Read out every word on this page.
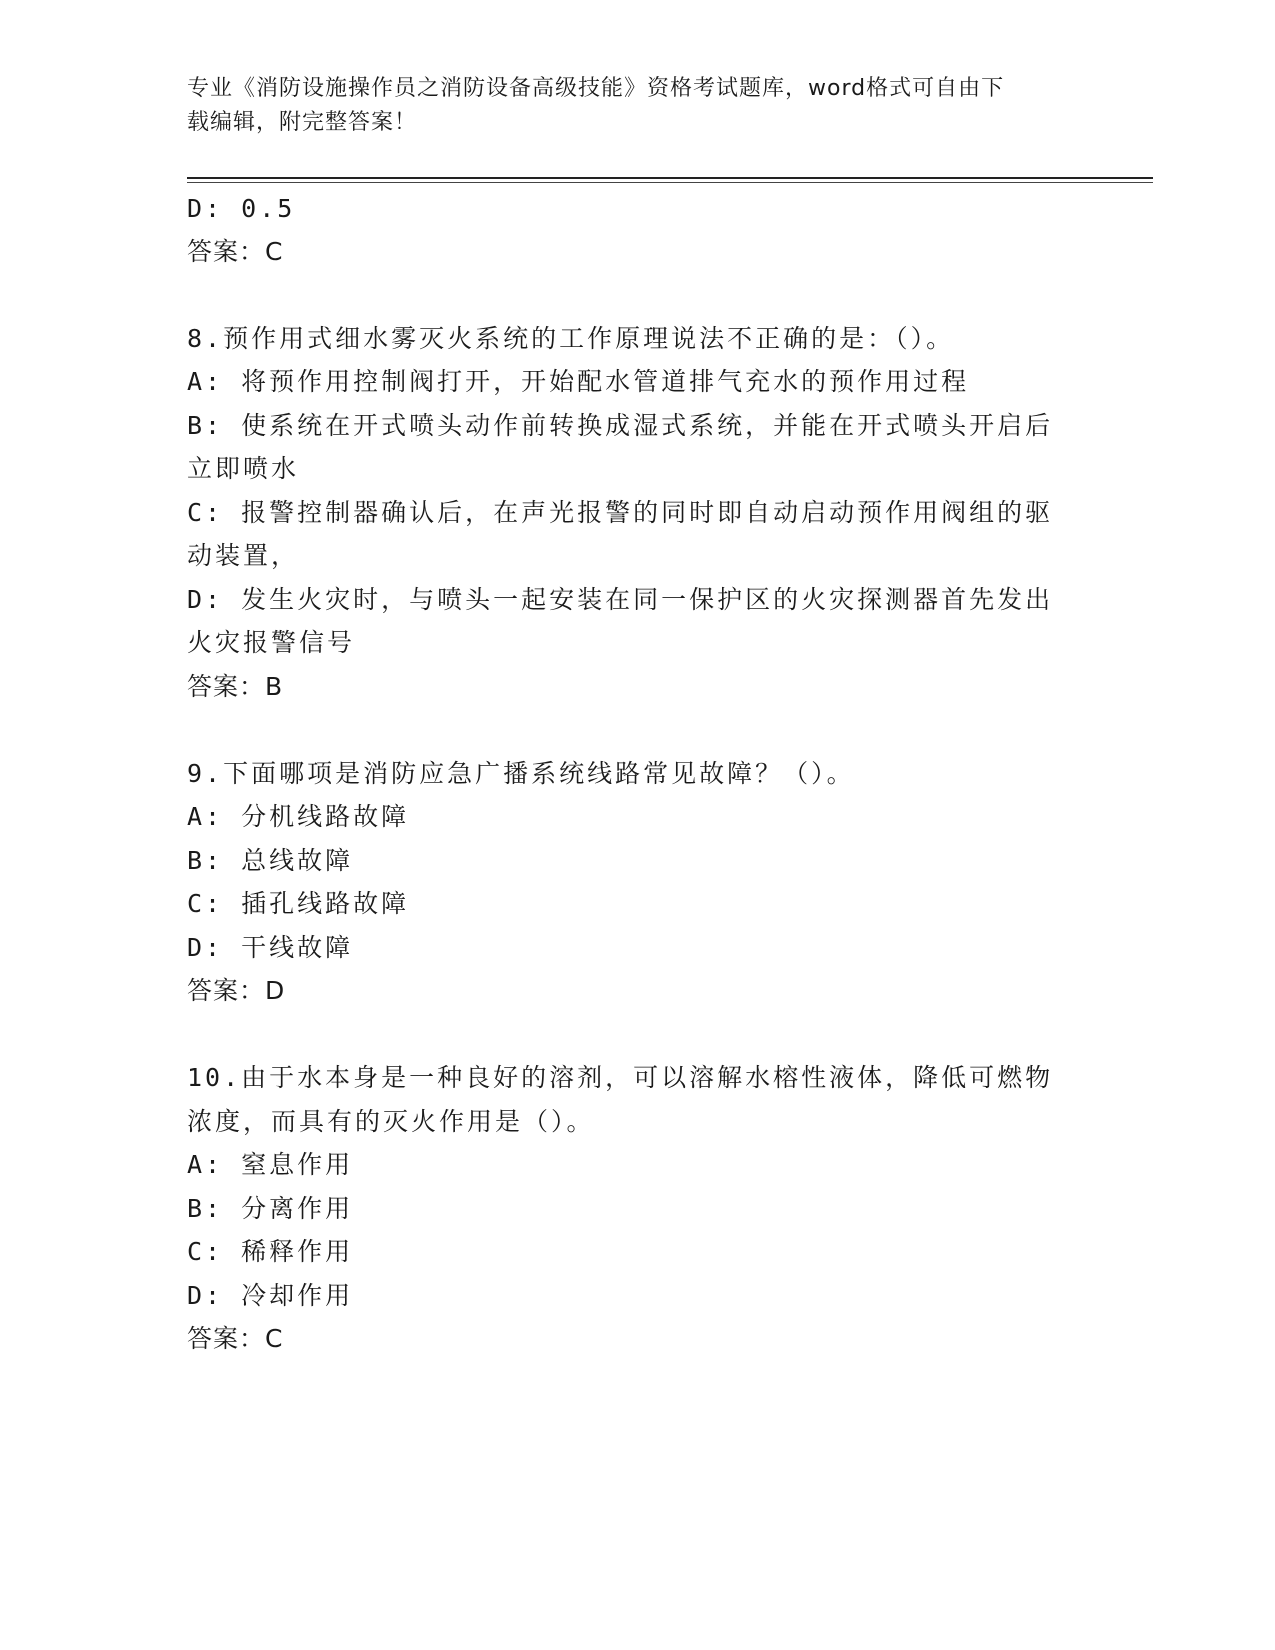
专业《消防设施操作员之消防设备高级技能》资格考试题库，word格式可自由下
载编辑，附完整答案！
D: 0.5
答案：C
8.预作用式细水雾灭火系统的工作原理说法不正确的是：（）。
A: 将预作用控制阀打开，开始配水管道排气充水的预作用过程
B: 使系统在开式喷头动作前转换成湿式系统，并能在开式喷头开启后
立即喷水
C: 报警控制器确认后，在声光报警的同时即自动启动预作用阀组的驱
动装置，
D: 发生火灾时，与喷头一起安装在同一保护区的火灾探测器首先发出
火灾报警信号
答案：B
9.下面哪项是消防应急广播系统线路常见故障？（）。
A: 分机线路故障
B: 总线故障
C: 插孔线路故障
D: 干线故障
答案：D
10.由于水本身是一种良好的溶剂，可以溶解水榕性液体，降低可燃物
浓度，而具有的灭火作用是（）。
A: 窒息作用
B: 分离作用
C: 稀释作用
D: 冷却作用
答案：C
